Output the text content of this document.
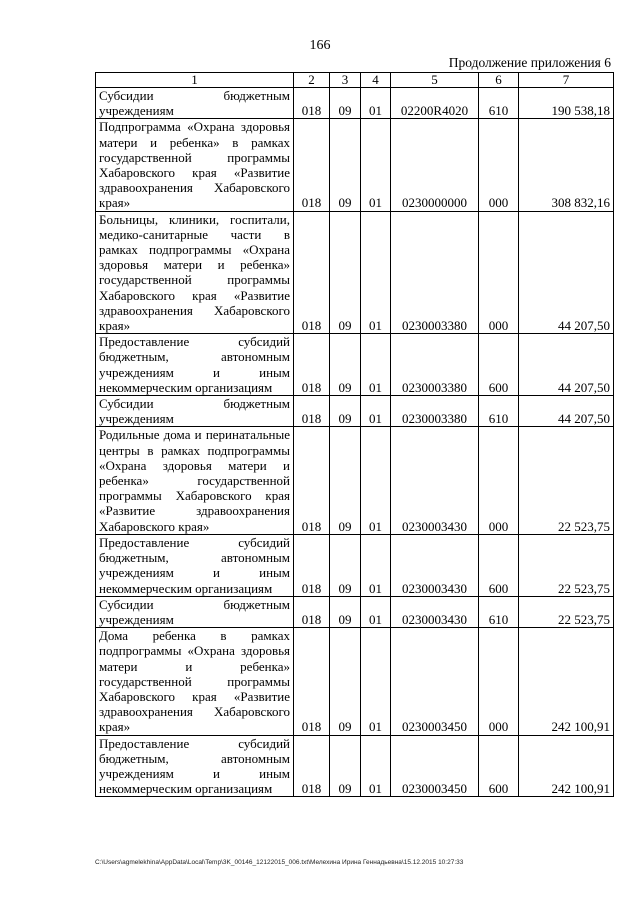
166
Продолжение приложения 6
1	2	3	4	5	6	7
Субсидии бюджетным учреждениям	018	09	01	02200R4020	610	190 538,18
Подпрограмма «Охрана здоровья матери и ребенка» в рамках государственной программы Хабаровского края «Развитие здравоохранения Хабаровского края»	018	09	01	0230000000	000	308 832,16
Больницы, клиники, госпитали, медико-санитарные части в рамках подпрограммы «Охрана здоровья матери и ребенка» государственной программы Хабаровского края «Развитие здравоохранения Хабаровского края»	018	09	01	0230003380	000	44 207,50
Предоставление субсидий бюджетным, автономным учреждениям и иным некоммерческим организациям	018	09	01	0230003380	600	44 207,50
Субсидии бюджетным учреждениям	018	09	01	0230003380	610	44 207,50
Родильные дома и перинатальные центры в рамках подпрограммы «Охрана здоровья матери и ребенка» государственной программы Хабаровского края «Развитие здравоохранения Хабаровского края»	018	09	01	0230003430	000	22 523,75
Предоставление субсидий бюджетным, автономным учреждениям и иным некоммерческим организациям	018	09	01	0230003430	600	22 523,75
Субсидии бюджетным учреждениям	018	09	01	0230003430	610	22 523,75
Дома ребенка в рамках подпрограммы «Охрана здоровья матери и ребенка» государственной программы Хабаровского края «Развитие здравоохранения Хабаровского края»	018	09	01	0230003450	000	242 100,91
Предоставление субсидий бюджетным, автономным учреждениям и иным некоммерческим организациям	018	09	01	0230003450	600	242 100,91
C:\Users\agmelekhina\AppData\Local\Temp\3K_00146_12122015_006.txt\Мелехина Ирина Геннадьевна\15.12.2015 10:27:33
